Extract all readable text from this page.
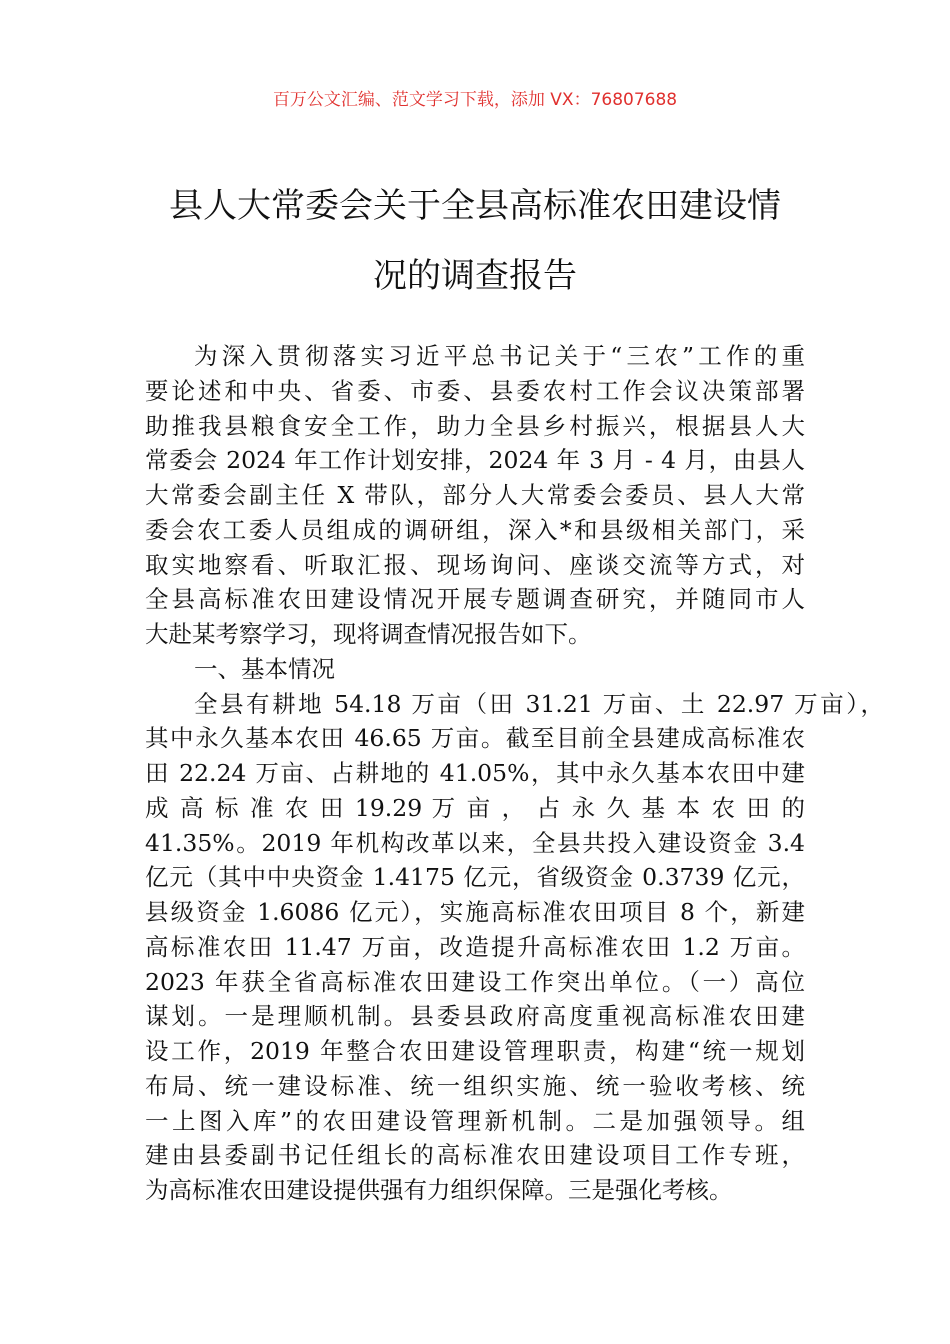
百万公文汇编、范文学习下载，添加 VX：76807688
县人大常委会关于全县高标准农田建设情
况的调查报告
为深入贯彻落实习近平总书记关于“三农”工作的重
要论述和中央、省委、市委、县委农村工作会议决策部署
助推我县粮食安全工作，助力全县乡村振兴，根据县人大
常委会 2024 年工作计划安排，2024 年 3 月 - 4 月，由县人
大常委会副主任 X 带队，部分人大常委会委员、县人大常
委会农工委人员组成的调研组，深入*和县级相关部门，采
取实地察看、听取汇报、现场询问、座谈交流等方式，对
全县高标准农田建设情况开展专题调查研究，并随同市人
大赴某考察学习，现将调查情况报告如下。
一、基本情况
全县有耕地 54.18 万亩（田 31.21 万亩、土 22.97 万亩），
其中永久基本农田 46.65 万亩。截至目前全县建成高标准农
田 22.24 万亩、占耕地的 41.05%，其中永久基本农田中建
成 高 标 准 农 田 19.29 万 亩 ， 占 永 久 基 本 农 田 的
41.35%。2019 年机构改革以来，全县共投入建设资金 3.4
亿元（其中中央资金 1.4175 亿元，省级资金 0.3739 亿元，
县级资金 1.6086 亿元），实施高标准农田项目 8 个，新建
高标准农田 11.47 万亩，改造提升高标准农田 1.2 万亩。
2023 年获全省高标准农田建设工作突出单位。（一）高位
谋划。一是理顺机制。县委县政府高度重视高标准农田建
设工作，2019 年整合农田建设管理职责，构建“统一规划
布局、统一建设标准、统一组织实施、统一验收考核、统
一上图入库”的农田建设管理新机制。二是加强领导。组
建由县委副书记任组长的高标准农田建设项目工作专班，
为高标准农田建设提供强有力组织保障。三是强化考核。
